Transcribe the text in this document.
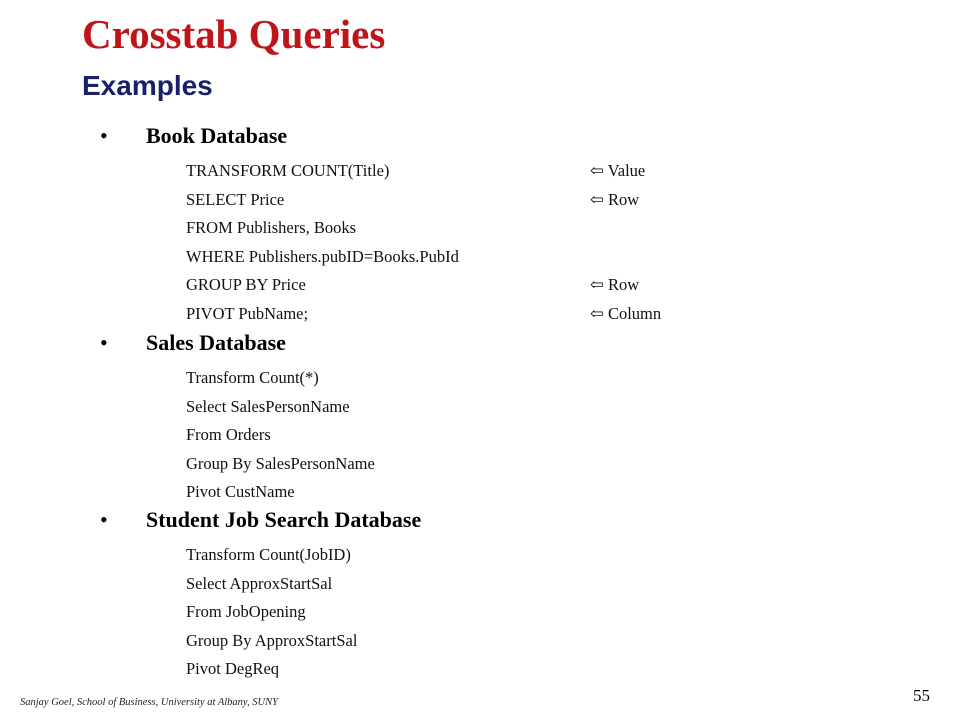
Crosstab Queries
Examples
• Book Database
TRANSFORM COUNT(Title)	⇦ Value
SELECT Price	⇦ Row
FROM Publishers, Books
WHERE Publishers.pubID=Books.PubId
GROUP BY Price	⇦ Row
PIVOT PubName;	⇦ Column
• Sales Database
Transform Count(*)
Select SalesPersonName
From Orders
Group By SalesPersonName
Pivot CustName
• Student Job Search Database
Transform Count(JobID)
Select ApproxStartSal
From JobOpening
Group By ApproxStartSal
Pivot DegReq
Sanjay Goel, School of Business, University at Albany, SUNY	55
